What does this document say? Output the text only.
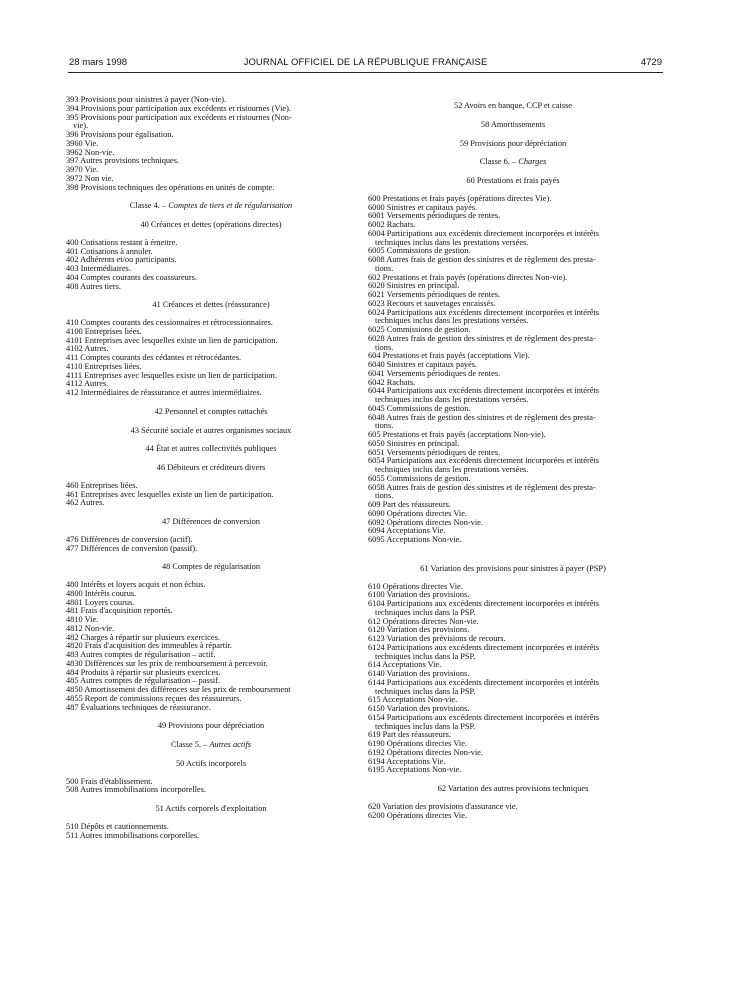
28 mars 1998	JOURNAL OFFICIEL DE LA RÉPUBLIQUE FRANÇAISE	4729
393 Provisions pour sinistres à payer (Non-vie).
394 Provisions pour participation aux excédents et ristournes (Vie).
395 Provisions pour participation aux excédents et ristournes (Non-
vie).
396 Provisions pour égalisation.
3960 Vie.
3962 Non-vie.
397 Autres provisions techniques.
3970 Vie.
3972 Non vie.
398 Provisions techniques des opérations en unités de compte.
Classe 4. – Comptes de tiers et de régularisation
40 Créances et dettes (opérations directes)
400 Cotisations restant à émettre.
401 Cotisations à annuler.
402 Adhérents et/ou participants.
403 Intermédiaires.
404 Comptes courants des coassureurs.
408 Autres tiers.
41 Créances et dettes (réassurance)
410 Comptes courants des cessionnaires et rétrocessionnaires.
4100 Entreprises liées.
4101 Entreprises avec lesquelles existe un lien de participation.
4102 Autres.
411 Comptes courants des cédantes et rétrocédantes.
4110 Entreprises liées.
4111 Entreprises avec lesquelles existe un lien de participation.
4112 Autres.
412 Intermédiaires de réassurance et autres intermédiaires.
42 Personnel et comptes rattachés
43 Sécurité sociale et autres organismes sociaux
44 État et autres collectivités publiques
46 Débiteurs et créditeurs divers
460 Entreprises liées.
461 Entreprises avec lesquelles existe un lien de participation.
462 Autres.
47 Différences de conversion
476 Différences de conversion (actif).
477 Différences de conversion (passif).
48 Comptes de régularisation
480 Intérêts et loyers acquis et non échus.
4800 Intérêts courus.
4801 Loyers courus.
481 Frais d'acquisition reportés.
4810 Vie.
4812 Non-vie.
482 Charges à répartir sur plusieurs exercices.
4820 Frais d'acquisition des immeubles à répartir.
483 Autres comptes de régularisation – actif.
4830 Différences sur les prix de remboursement à percevoir.
484 Produits à répartir sur plusieurs exercices.
485 Autres comptes de régularisation – passif.
4850 Amortissement des différences sur les prix de remboursement
4855 Report de commissions reçues des réassureurs.
487 Évaluations techniques de réassurance.
49 Provisions pour dépréciation
Classe 5. – Autres actifs
50 Actifs incorporels
500 Frais d'établissement.
508 Autres immobilisations incorporelles.
51 Actifs corporels d'exploitation
510 Dépôts et cautionnements.
511 Autres immobilisations corporelles.
52 Avoirs en banque, CCP et caisse
58 Amortissements
59 Provisions pour dépréciation
Classe 6. – Charges
60 Prestations et frais payés
600 Prestations et frais payés (opérations directes Vie).
6000 Sinistres et capitaux payés.
6001 Versements périodiques de rentes.
6002 Rachats.
6004 Participations aux excédents directement incorporées et intérêts
techniques inclus dans les prestations versées.
6005 Commissions de gestion.
6008 Autres frais de gestion des sinistres et de règlement des presta-
tions.
602 Prestations et frais payés (opérations directes Non-vie).
6020 Sinistres en principal.
6021 Versements périodiques de rentes.
6023 Recours et sauvetages encaissés.
6024 Participations aux excédents directement incorporées et intérêts
techniques inclus dans les prestations versées.
6025 Commissions de gestion.
6028 Autres frais de gestion des sinistres et de règlement des presta-
tions.
604 Prestations et frais payés (acceptations Vie).
6040 Sinistres et capitaux payés.
6041 Versements périodiques de rentes.
6042 Rachats.
6044 Participations aux excédents directement incorporées et intérêts
techniques inclus dans les prestations versées.
6045 Commissions de gestion.
6048 Autres frais de gestion des sinistres et de règlement des presta-
tions.
605 Prestations et frais payés (acceptations Non-vie).
6050 Sinistres en principal.
6051 Versements périodiques de rentes.
6054 Participations aux excédents directement incorporées et intérêts
techniques inclus dans les prestations versées.
6055 Commissions de gestion.
6058 Autres frais de gestion des sinistres et de règlement des presta-
tions.
609 Part des réassureurs.
6090 Opérations directes Vie.
6092 Opérations directes Non-vie.
6094 Acceptations Vie.
6095 Acceptations Non-vie.
61 Variation des provisions pour sinistres à payer (PSP)
610 Opérations directes Vie.
6100 Variation des provisions.
6104 Participations aux excédents directement incorporées et intérêts
techniques inclus dans la PSP.
612 Opérations directes Non-vie.
6120 Variation des provisions.
6123 Variation des prévisions de recours.
6124 Participations aux excédents directement incorporées et intérêts
techniques inclus dans la PSP.
614 Acceptations Vie.
6140 Variation des provisions.
6144 Participations aux excédents directement incorporées et intérêts
techniques inclus dans la PSP.
615 Acceptations Non-vie.
6150 Variation des provisions.
6154 Participations aux excédents directement incorporées et intérêts
techniques inclus dans la PSP.
619 Part des réassureurs.
6190 Opérations directes Vie.
6192 Opérations directes Non-vie.
6194 Acceptations Vie.
6195 Acceptations Non-vie.
62 Variation des autres provisions techniques
620 Variation des provisions d'assurance vie.
6200 Opérations directes Vie.
